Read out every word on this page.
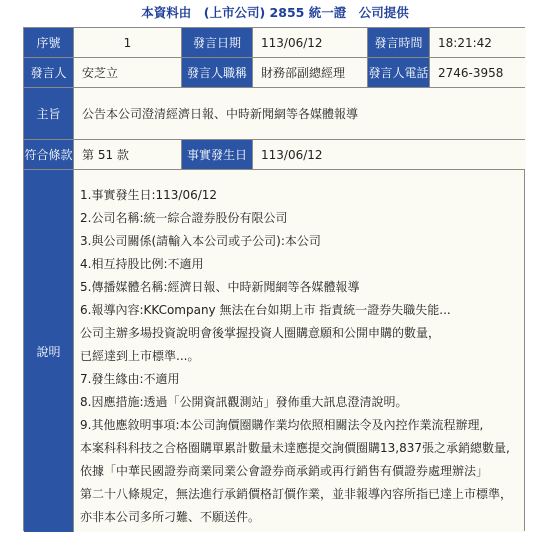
本資料由　(上市公司) 2855 統一證　公司提供
序號	1	發言日期	113/06/12	發言時間	18:21:42
發言人	安芝立	發言人職稱	財務部副總經理	發言人電話 2746-3958
主旨	公告本公司澄清經濟日報、中時新聞網等各媒體報導
符合條款 第 51 款	事實發生日	113/06/12
說明
1.事實發生日:113/06/12
2.公司名稱:統一綜合證券股份有限公司
3.與公司關係(請輸入本公司或子公司):本公司
4.相互持股比例:不適用
5.傳播媒體名稱:經濟日報、中時新聞網等各媒體報導
6.報導內容:KKCompany 無法在台如期上市 指責統一證券失職失能...
公司主辦多場投資說明會後掌握投資人圈購意願和公開申購的數量，
已經達到上市標準...。
7.發生緣由:不適用
8.因應措施:透過「公開資訊觀測站」發佈重大訊息澄清說明。
9.其他應敘明事項:本公司詢價圈購作業均依照相關法令及內控作業流程辦理,
本案科科科技之合格圈購單累計數量未達應提交詢價圈購13,837張之承銷總數量,
依據「中華民國證券商業同業公會證券商承銷或再行銷售有價證券處理辦法」
第二十八條規定，無法進行承銷價格訂價作業，並非報導內容所指已達上市標準，
亦非本公司多所刁難、不願送件。
